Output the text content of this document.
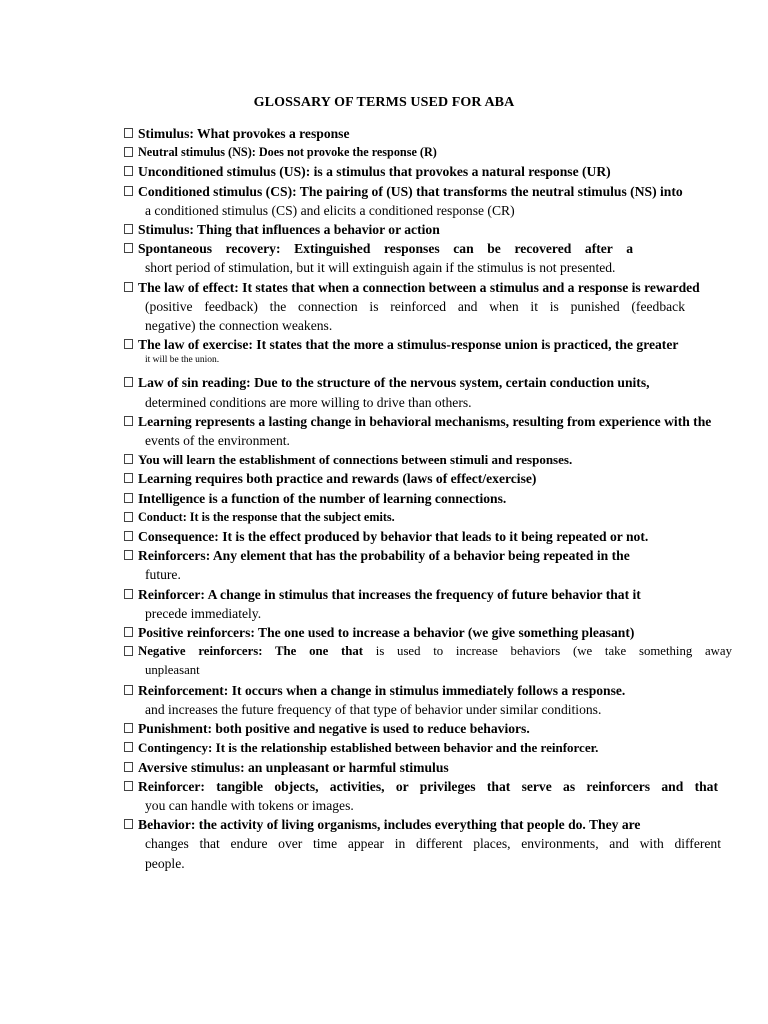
GLOSSARY OF TERMS USED FOR ABA
Stimulus: What provokes a response
Neutral stimulus (NS): Does not provoke the response (R)
Unconditioned stimulus (US): is a stimulus that provokes a natural response (UR)
Conditioned stimulus (CS): The pairing of (US) that transforms the neutral stimulus (NS) into
a conditioned stimulus (CS) and elicits a conditioned response (CR)
Stimulus: Thing that influences a behavior or action
Spontaneous recovery: Extinguished responses can be recovered after a
short period of stimulation, but it will extinguish again if the stimulus is not presented.
The law of effect: It states that when a connection between a stimulus and a response is rewarded
(positive feedback) the connection is reinforced and when it is punished (feedback
negative) the connection weakens.
The law of exercise: It states that the more a stimulus-response union is practiced, the greater
it will be the union.
Law of sin reading: Due to the structure of the nervous system, certain conduction units,
determined conditions are more willing to drive than others.
Learning represents a lasting change in behavioral mechanisms, resulting from experience with the
events of the environment.
You will learn the establishment of connections between stimuli and responses.
Learning requires both practice and rewards (laws of effect/exercise)
Intelligence is a function of the number of learning connections.
Conduct: It is the response that the subject emits.
Consequence: It is the effect produced by behavior that leads to it being repeated or not.
Reinforcers: Any element that has the probability of a behavior being repeated in the
future.
Reinforcer: A change in stimulus that increases the frequency of future behavior that it
precede immediately.
Positive reinforcers: The one used to increase a behavior (we give something pleasant)
Negative reinforcers: The one that is used to increase behaviors (we take something away
unpleasant
Reinforcement: It occurs when a change in stimulus immediately follows a response.
and increases the future frequency of that type of behavior under similar conditions.
Punishment: both positive and negative is used to reduce behaviors.
Contingency: It is the relationship established between behavior and the reinforcer.
Aversive stimulus: an unpleasant or harmful stimulus
Reinforcer: tangible objects, activities, or privileges that serve as reinforcers and that
you can handle with tokens or images.
Behavior: the activity of living organisms, includes everything that people do. They are
changes that endure over time appear in different places, environments, and with different
people.
